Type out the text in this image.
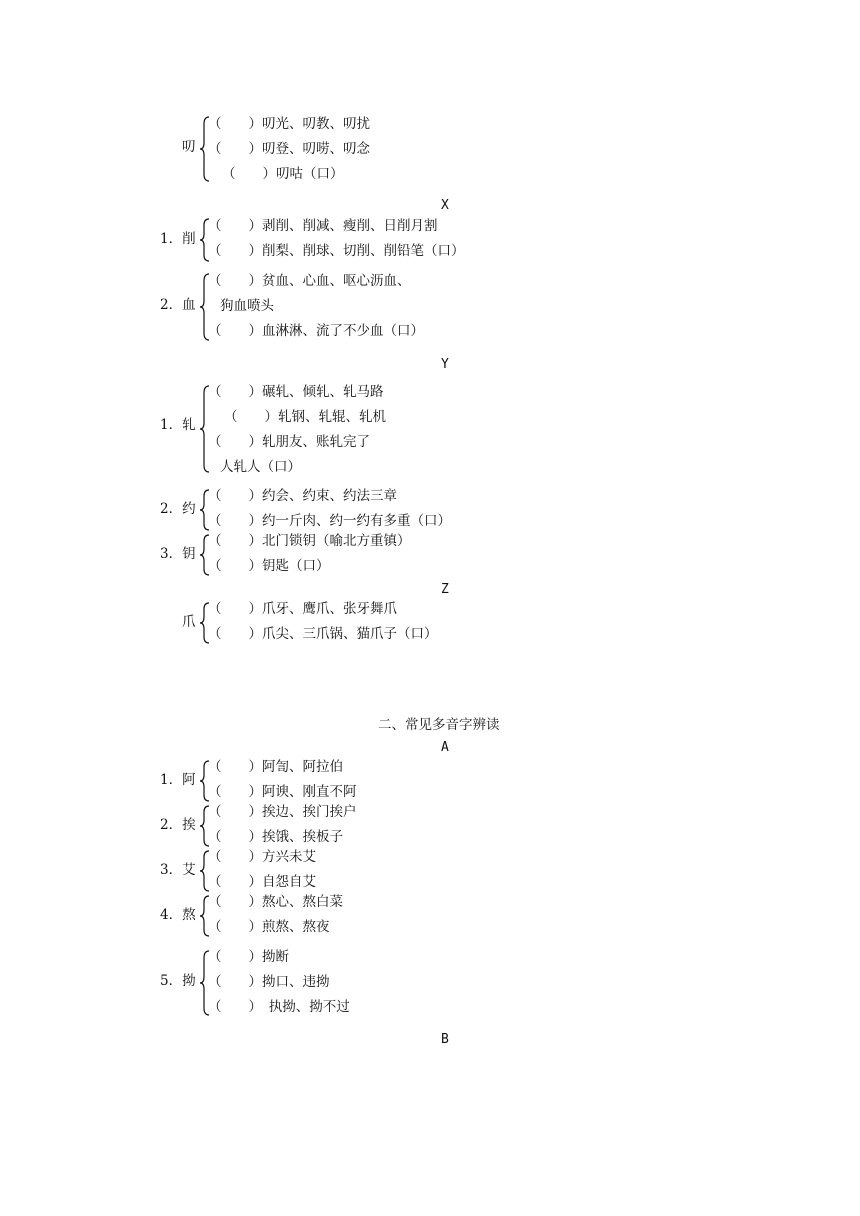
叨
（　　）叨光、叨教、叨扰
（　　）叨登、叨唠、叨念
（　　）叨咕（口）
X
1．削
（　　）剥削、削减、瘦削、日削月割
（　　）削梨、削球、切削、削铅笔（口）
2．血
（　　）贫血、心血、呕心沥血、
狗血喷头
（　　）血淋淋、流了不少血（口）
Y
1．轧
（　　）碾轧、倾轧、轧马路
（　　）轧钢、轧辊、轧机
（　　）轧朋友、账轧完了
人轧人（口）
2．约
（　　）约会、约束、约法三章
（　　）约一斤肉、约一约有多重（口）
3．钥
（　　）北门锁钥（喻北方重镇）
（　　）钥匙（口）
Z
爪
（　　）爪牙、鹰爪、张牙舞爪
（　　）爪尖、三爪锅、猫爪子（口）
二、常见多音字辨读
A
1．阿
（　　）阿訇、阿拉伯
（　　）阿谀、刚直不阿
2．挨
（　　）挨边、挨门挨户
（　　）挨饿、挨板子
3．艾
（　　）方兴未艾
（　　）自怨自艾
4．熬
（　　）熬心、熬白菜
（　　）煎熬、熬夜
5．拗
（　　）拗断
（　　）拗口、违拗
（　　）　执拗、拗不过
B
